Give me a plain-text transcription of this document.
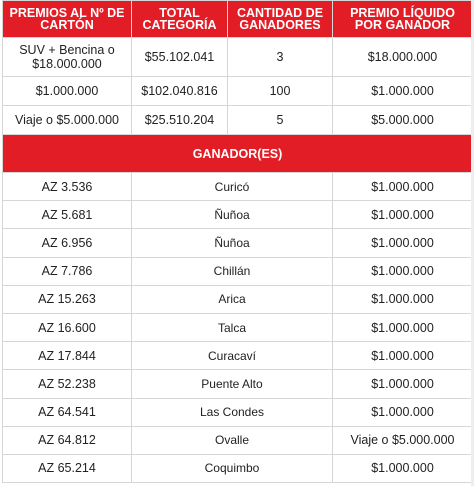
PREMIOS AL Nº DE CARTÓN	TOTAL CATEGORÍA	CANTIDAD DE GANADORES	PREMIO LÍQUIDO POR GANADOR
SUV + Bencina o $18.000.000	$55.102.041	3	$18.000.000
$1.000.000	$102.040.816	100	$1.000.000
Viaje o $5.000.000	$25.510.204	5	$5.000.000
GANADOR(ES)			
AZ 3.536	Curicó		$1.000.000
AZ 5.681	Ñuñoa		$1.000.000
AZ 6.956	Ñuñoa		$1.000.000
AZ 7.786	Chillán		$1.000.000
AZ 15.263	Arica		$1.000.000
AZ 16.600	Talca		$1.000.000
AZ 17.844	Curacaví		$1.000.000
AZ 52.238	Puente Alto		$1.000.000
AZ 64.541	Las Condes		$1.000.000
AZ 64.812	Ovalle		Viaje o $5.000.000
AZ 65.214	Coquimbo		$1.000.000
